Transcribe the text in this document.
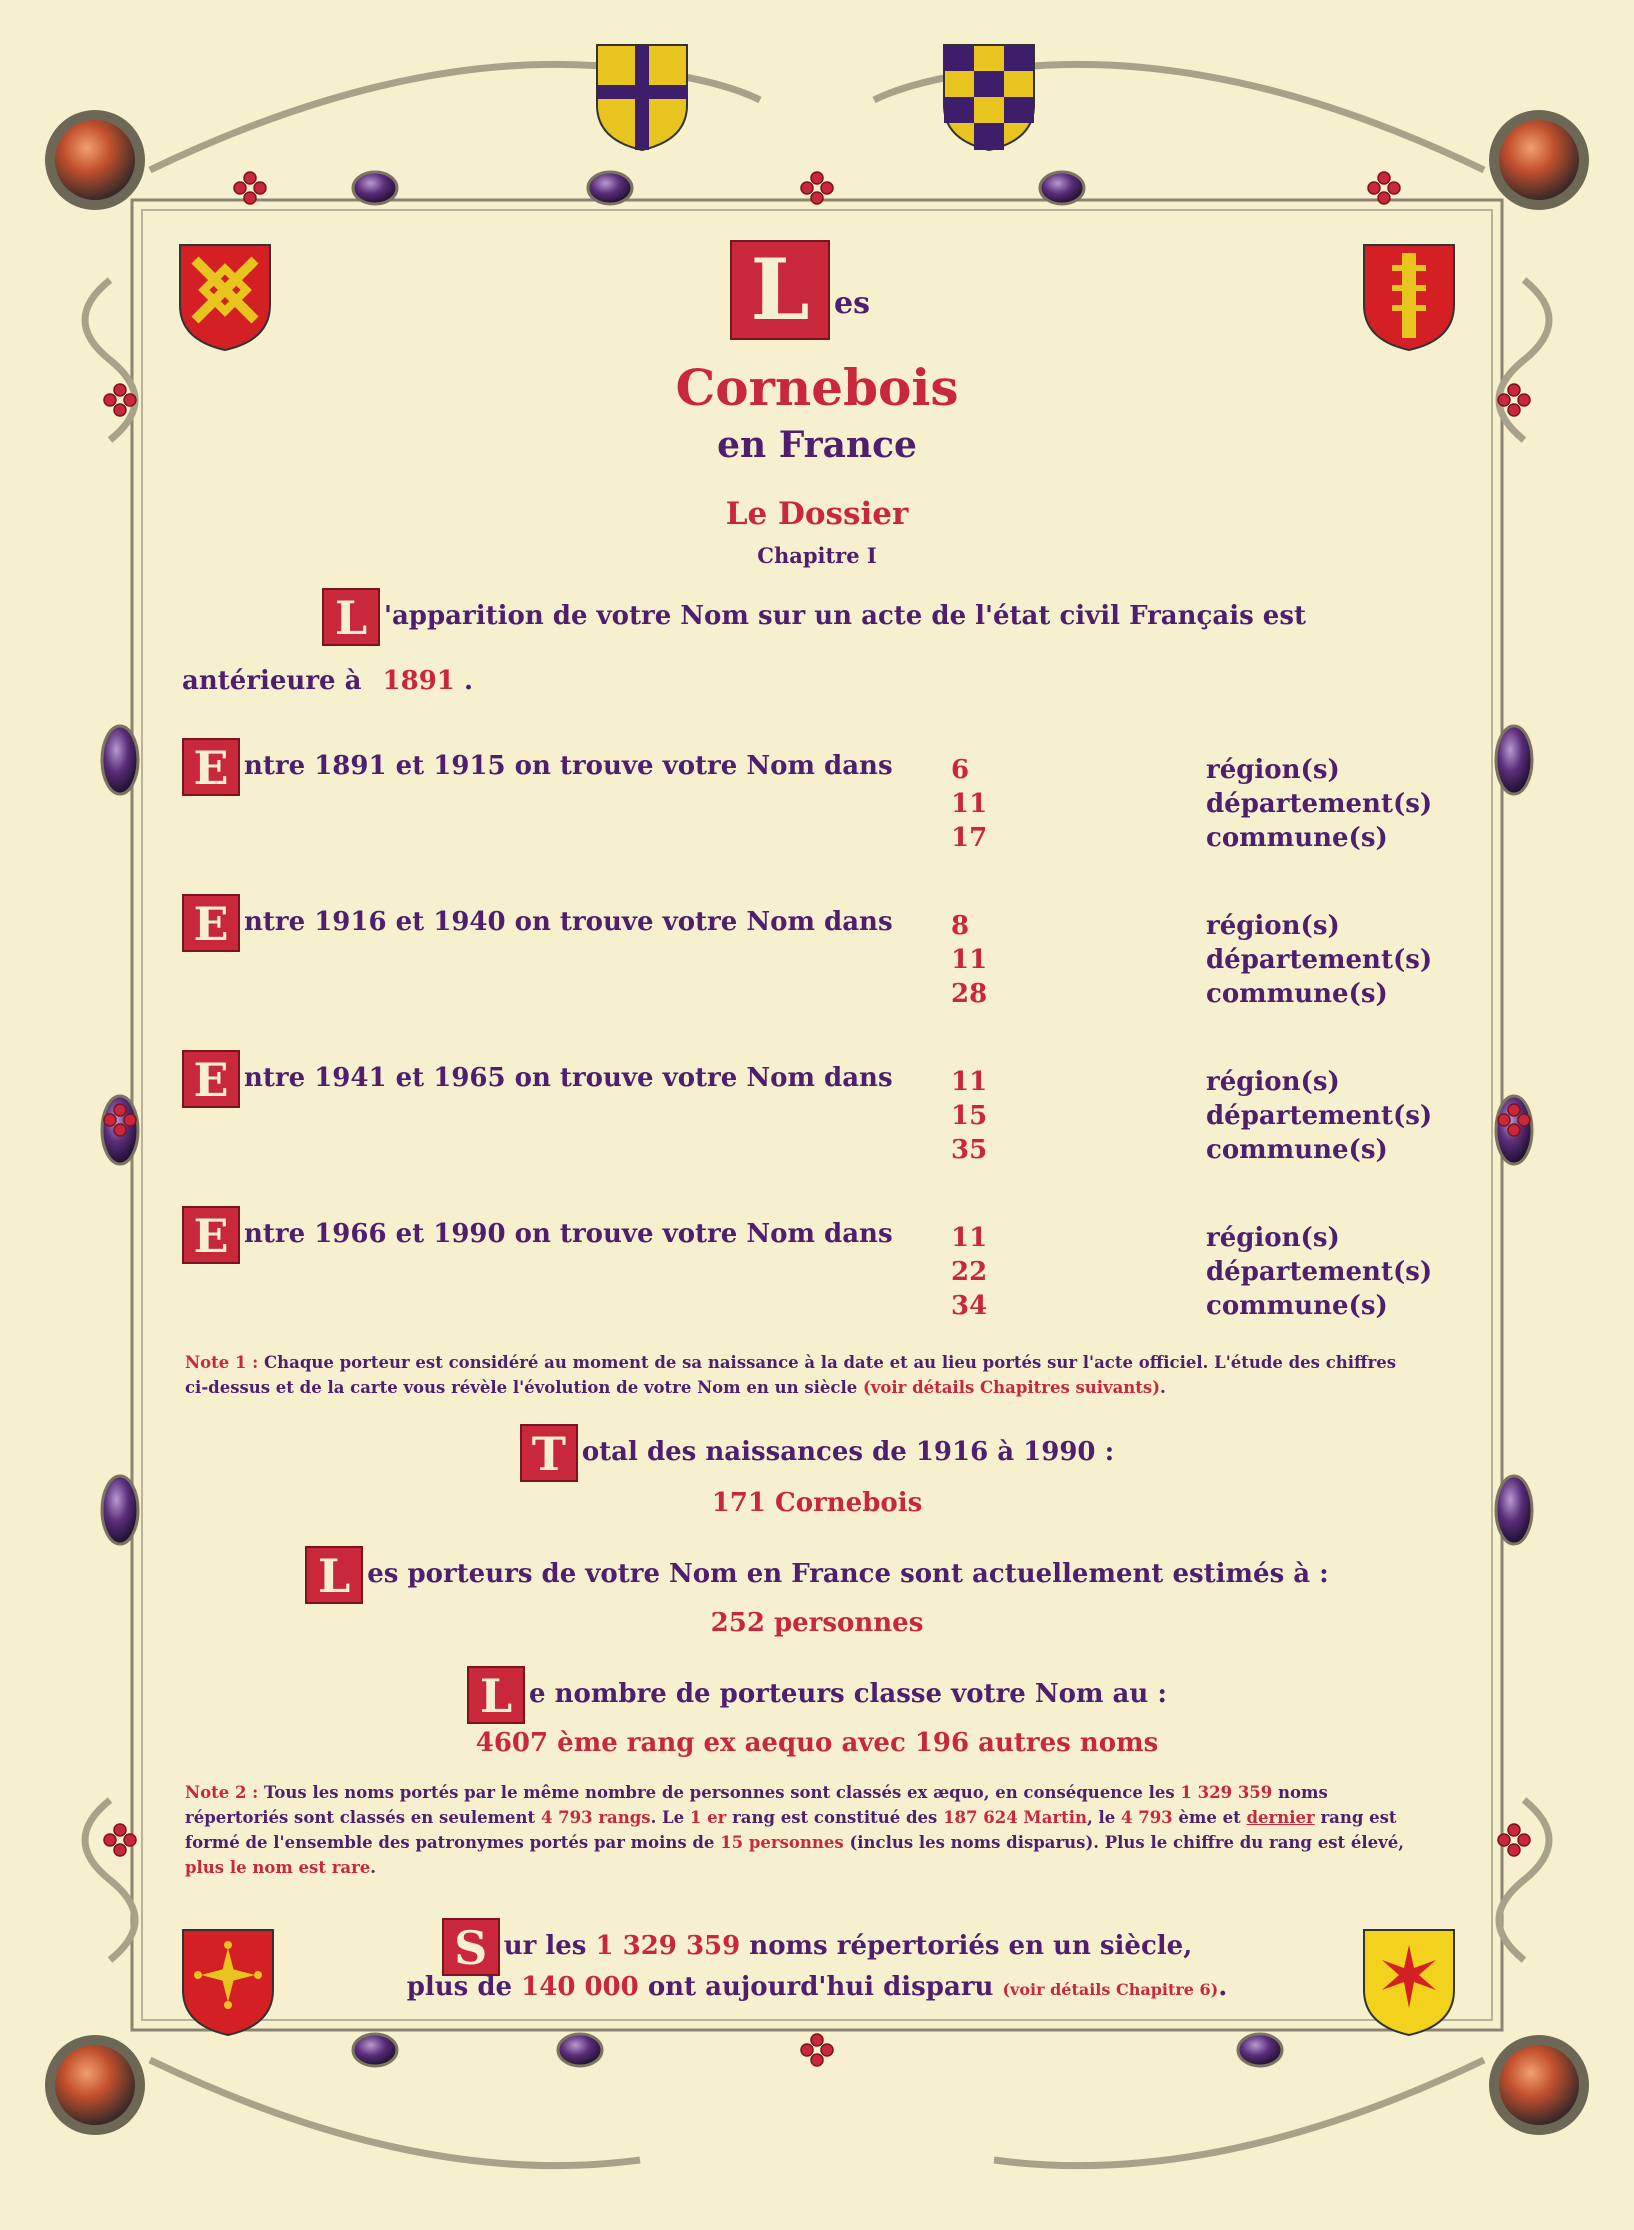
L es
Cornebois
en France
Le Dossier
Chapitre I
L 'apparition de votre Nom sur un acte de l'état civil Français est
antérieure à 1891 .
E ntre 1891 et 1915 on trouve votre Nom dans 6
11
17
région(s)
département(s)
commune(s)
E ntre 1916 et 1940 on trouve votre Nom dans 8
11
28
région(s)
département(s)
commune(s)
E ntre 1941 et 1965 on trouve votre Nom dans 11
15
35
région(s)
département(s)
commune(s)
E ntre 1966 et 1990 on trouve votre Nom dans 11
22
34
région(s)
département(s)
commune(s)
Note 1 : Chaque porteur est considéré au moment de sa naissance à la date et au lieu portés sur l'acte officiel. L'étude des chiffres ci-dessus et de la carte vous révèle l'évolution de votre Nom en un siècle (voir détails Chapitres suivants).
T otal des naissances de 1916 à 1990 :
171 Cornebois
L es porteurs de votre Nom en France sont actuellement estimés à :
252 personnes
L e nombre de porteurs classe votre Nom au :
4607 ème rang ex aequo avec 196 autres noms
Note 2 : Tous les noms portés par le même nombre de personnes sont classés ex æquo, en conséquence les 1 329 359 noms répertoriés sont classés en seulement 4 793 rangs. Le 1 er rang est constitué des 187 624 Martin, le 4 793 ème et dernier rang est formé de l'ensemble des patronymes portés par moins de 15 personnes (inclus les noms disparus). Plus le chiffre du rang est élevé, plus le nom est rare.
S ur les 1 329 359 noms répertoriés en un siècle,
plus de 140 000 ont aujourd'hui disparu (voir détails Chapitre 6).
